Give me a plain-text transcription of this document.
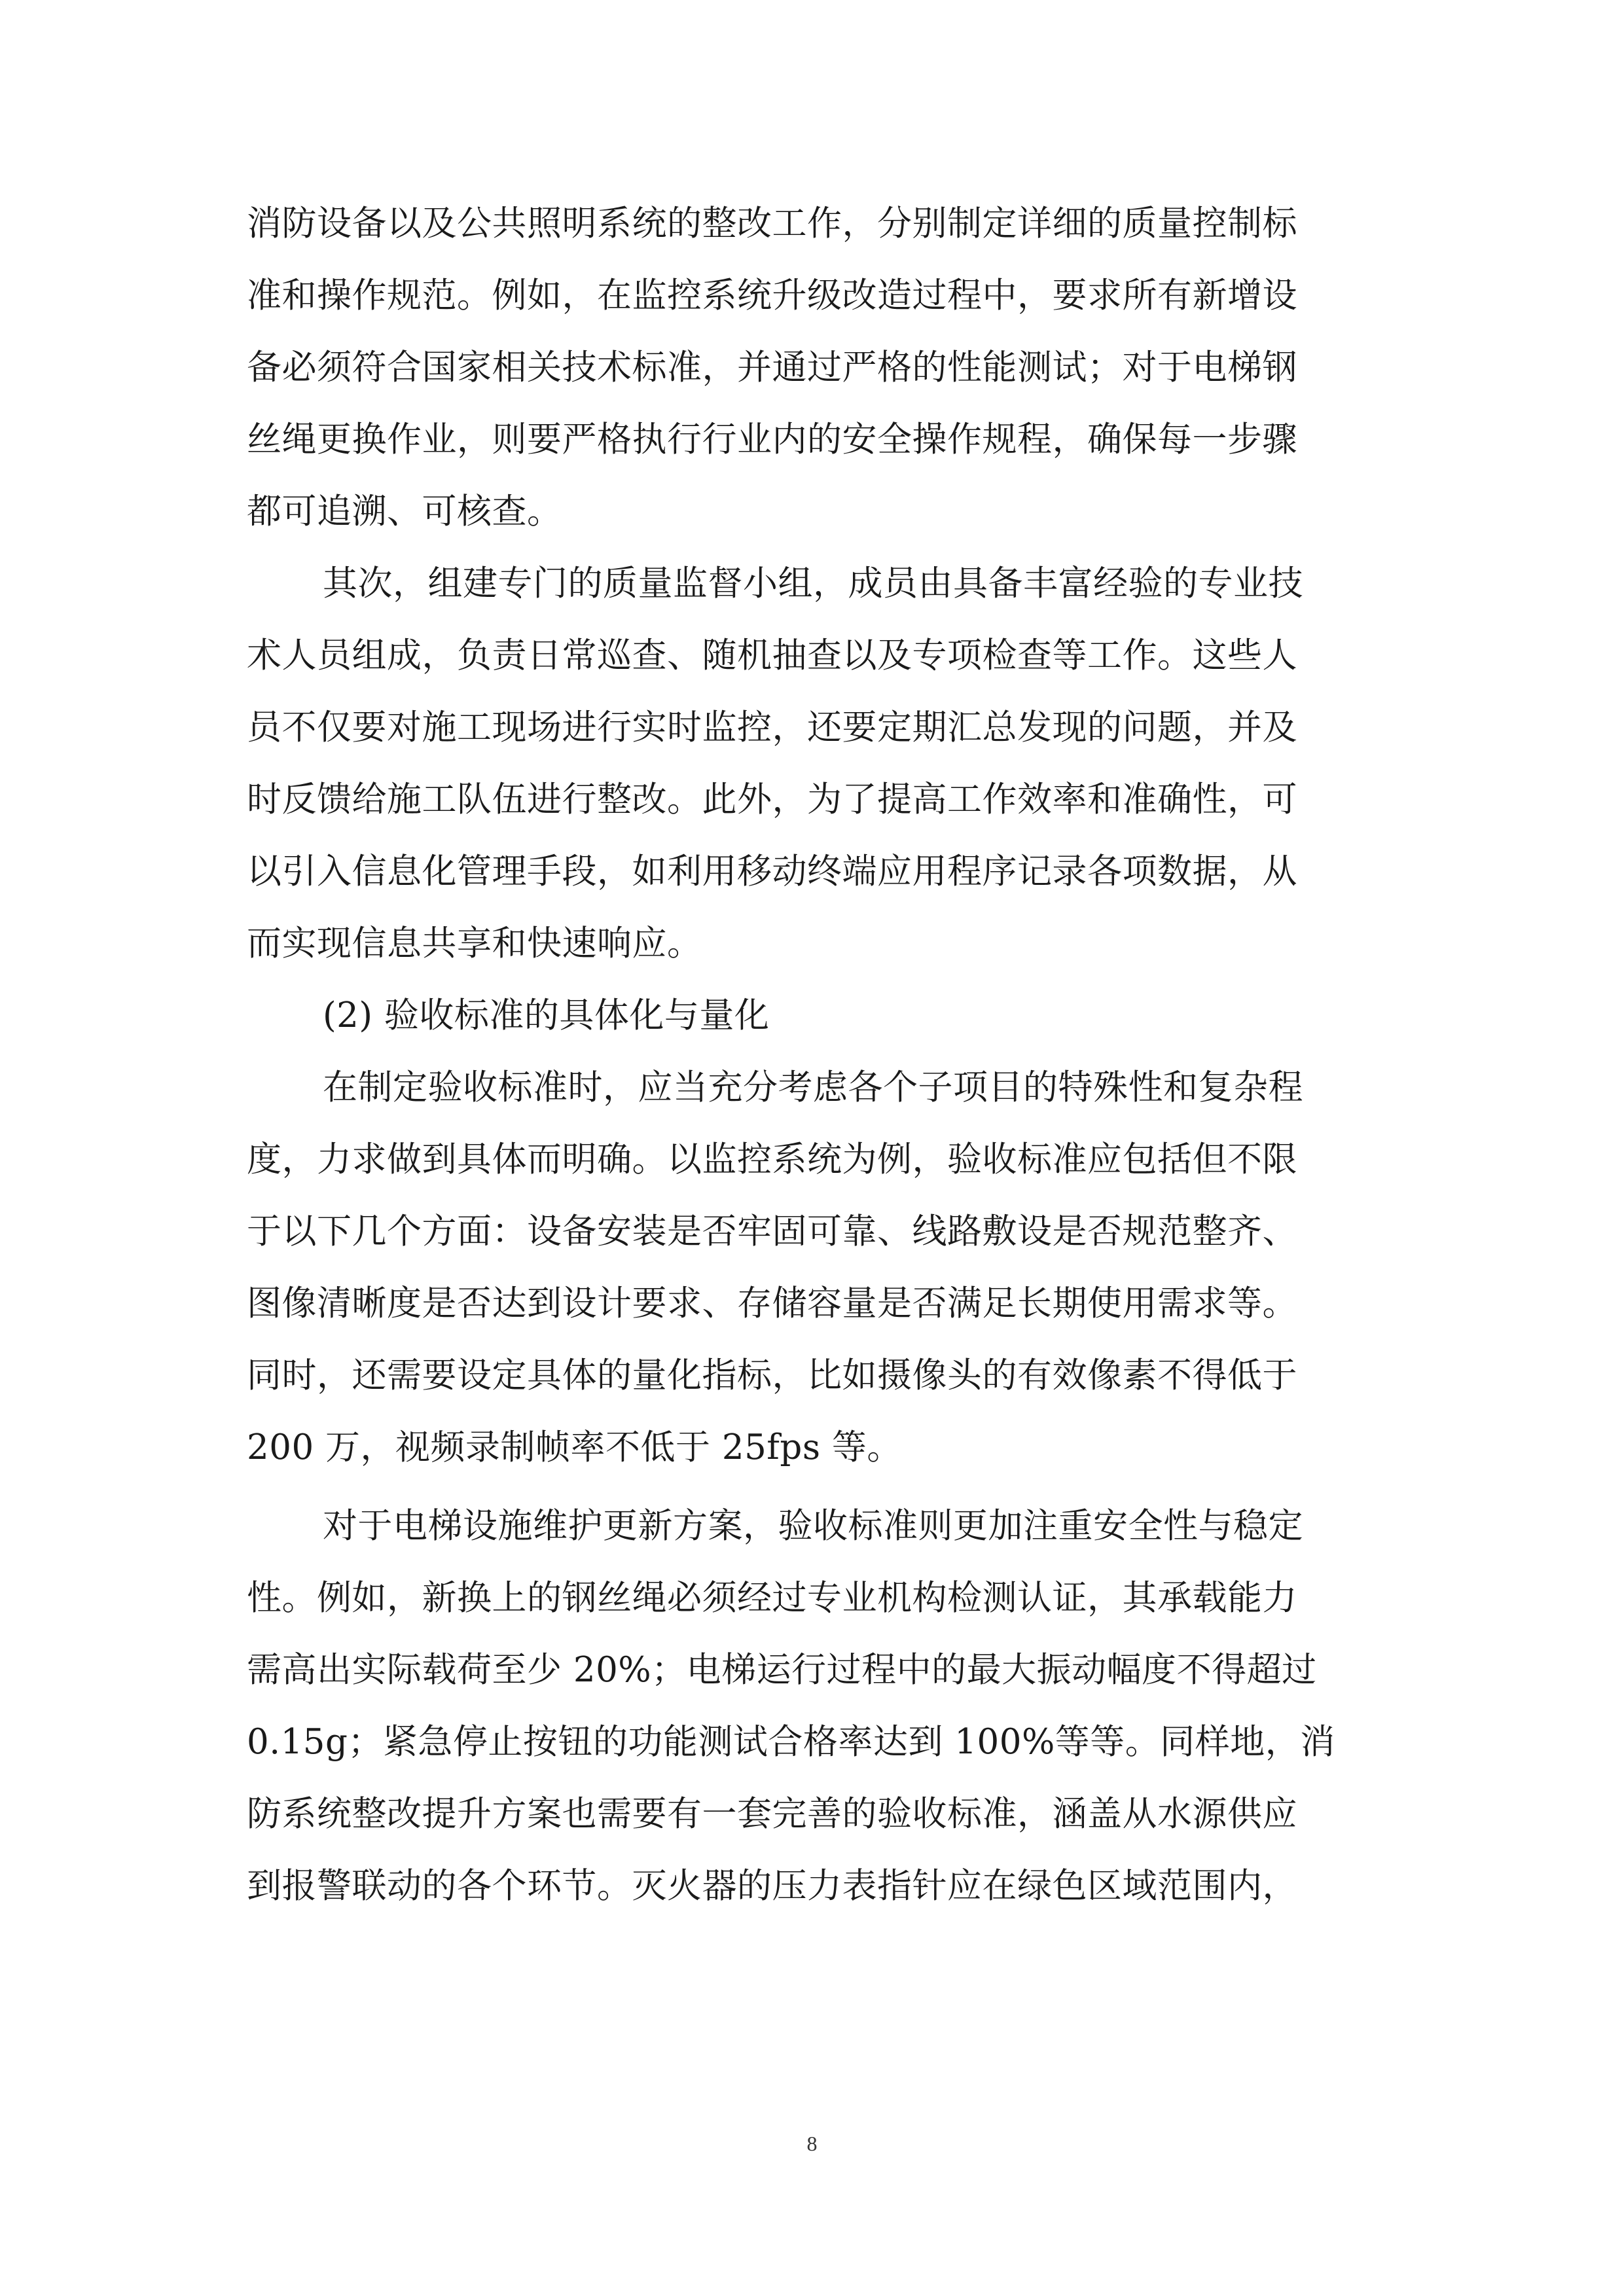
消防设备以及公共照明系统的整改工作，分别制定详细的质量控制标
准和操作规范。例如，在监控系统升级改造过程中，要求所有新增设
备必须符合国家相关技术标准，并通过严格的性能测试；对于电梯钢
丝绳更换作业，则要严格执行行业内的安全操作规程，确保每一步骤
都可追溯、可核查。
其次，组建专门的质量监督小组，成员由具备丰富经验的专业技
术人员组成，负责日常巡查、随机抽查以及专项检查等工作。这些人
员不仅要对施工现场进行实时监控，还要定期汇总发现的问题，并及
时反馈给施工队伍进行整改。此外，为了提高工作效率和准确性，可
以引入信息化管理手段，如利用移动终端应用程序记录各项数据，从
而实现信息共享和快速响应。
(2) 验收标准的具体化与量化
在制定验收标准时，应当充分考虑各个子项目的特殊性和复杂程
度，力求做到具体而明确。以监控系统为例，验收标准应包括但不限
于以下几个方面：设备安装是否牢固可靠、线路敷设是否规范整齐、
图像清晰度是否达到设计要求、存储容量是否满足长期使用需求等。
同时，还需要设定具体的量化指标，比如摄像头的有效像素不得低于
200 万，视频录制帧率不低于 25fps 等。
对于电梯设施维护更新方案，验收标准则更加注重安全性与稳定
性。例如，新换上的钢丝绳必须经过专业机构检测认证，其承载能力
需高出实际载荷至少 20%；电梯运行过程中的最大振动幅度不得超过
0.15g；紧急停止按钮的功能测试合格率达到 100%等等。同样地，消
防系统整改提升方案也需要有一套完善的验收标准，涵盖从水源供应
到报警联动的各个环节。灭火器的压力表指针应在绿色区域范围内，
8
